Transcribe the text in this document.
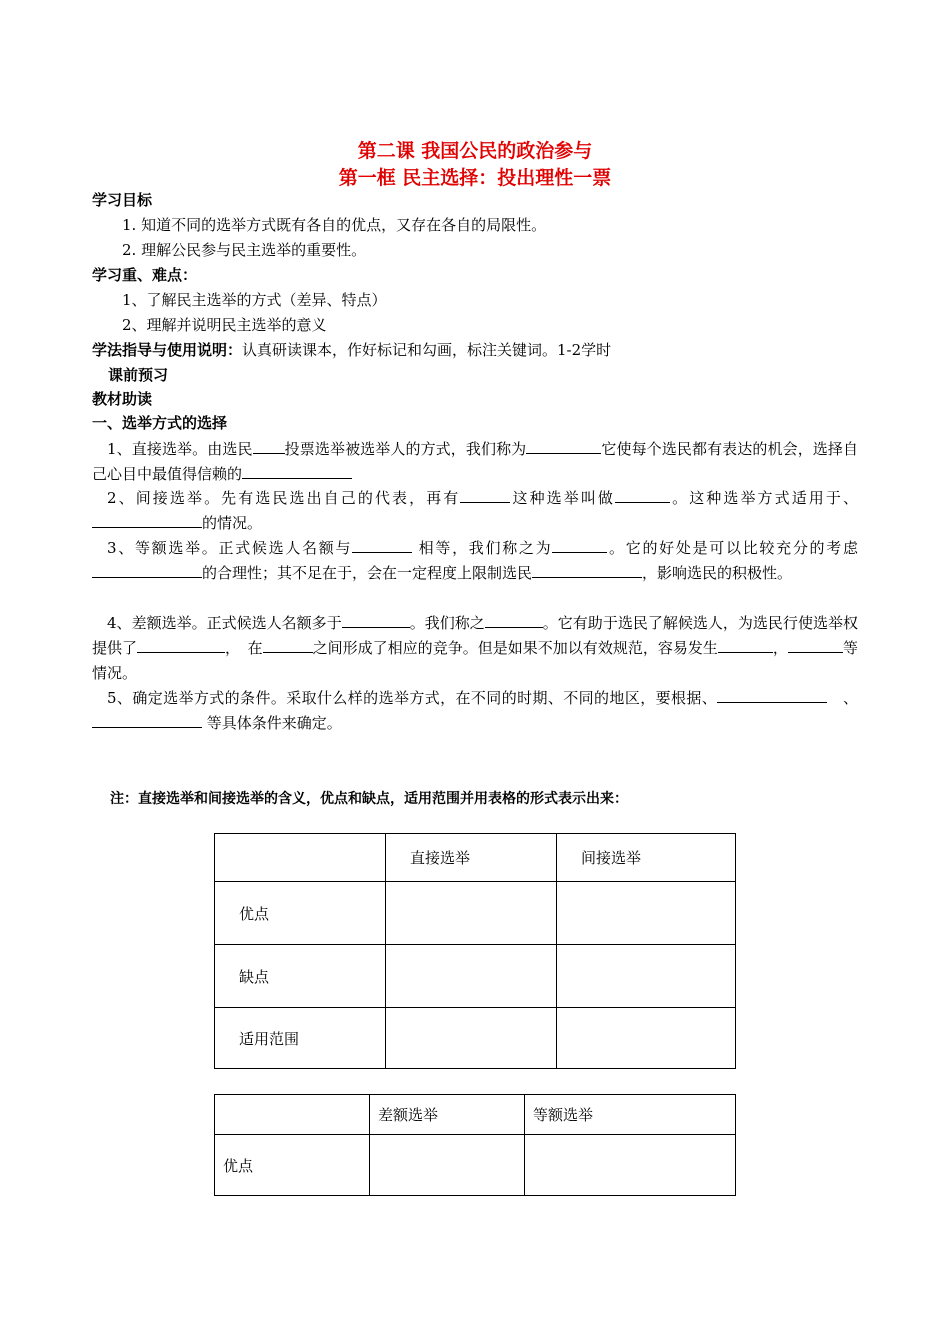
第二课 我国公民的政治参与
第一框 民主选择：投出理性一票
学习目标
1. 知道不同的选举方式既有各自的优点，又存在各自的局限性。
2. 理解公民参与民主选举的重要性。
学习重、难点：
1、了解民主选举的方式（差异、特点）
2、理解并说明民主选举的意义
学法指导与使用说明：认真研读课本，作好标记和勾画，标注关键词。1-2学时
课前预习
教材助读
一、选举方式的选择
1、直接选举。由选民 投票选举被选举人的方式，我们称为	它使每个选民都有表达的机会，选择自己心目中最值得信赖的
2、间接选举。先有选民选出自己的代表，再有	这种选举叫做	。这种选举方式适用于、的情况。
3、等额选举。正式候选人名额与	相等，我们称之为	。它的好处是可以比较充分的考虑的合理性；其不足在于，会在一定程度上限制选民	，影响选民的积极性。
4、差额选举。正式候选人名额多于	。我们称之	。它有助于选民了解候选人，为选民行使选举权提供了	，　在	之间形成了相应的竞争。但是如果不加以有效规范，容易发生	，	等情况。
5、确定选举方式的条件。采取什么样的选举方式，在不同的时期、不同的地区，要根据、　	、 等具体条件来确定。
注：直接选举和间接选举的含义，优点和缺点，适用范围并用表格的形式表示出来：
	直接选举	间接选举
优点		
缺点		
适用范围		
	差额选举	等额选举
优点		
